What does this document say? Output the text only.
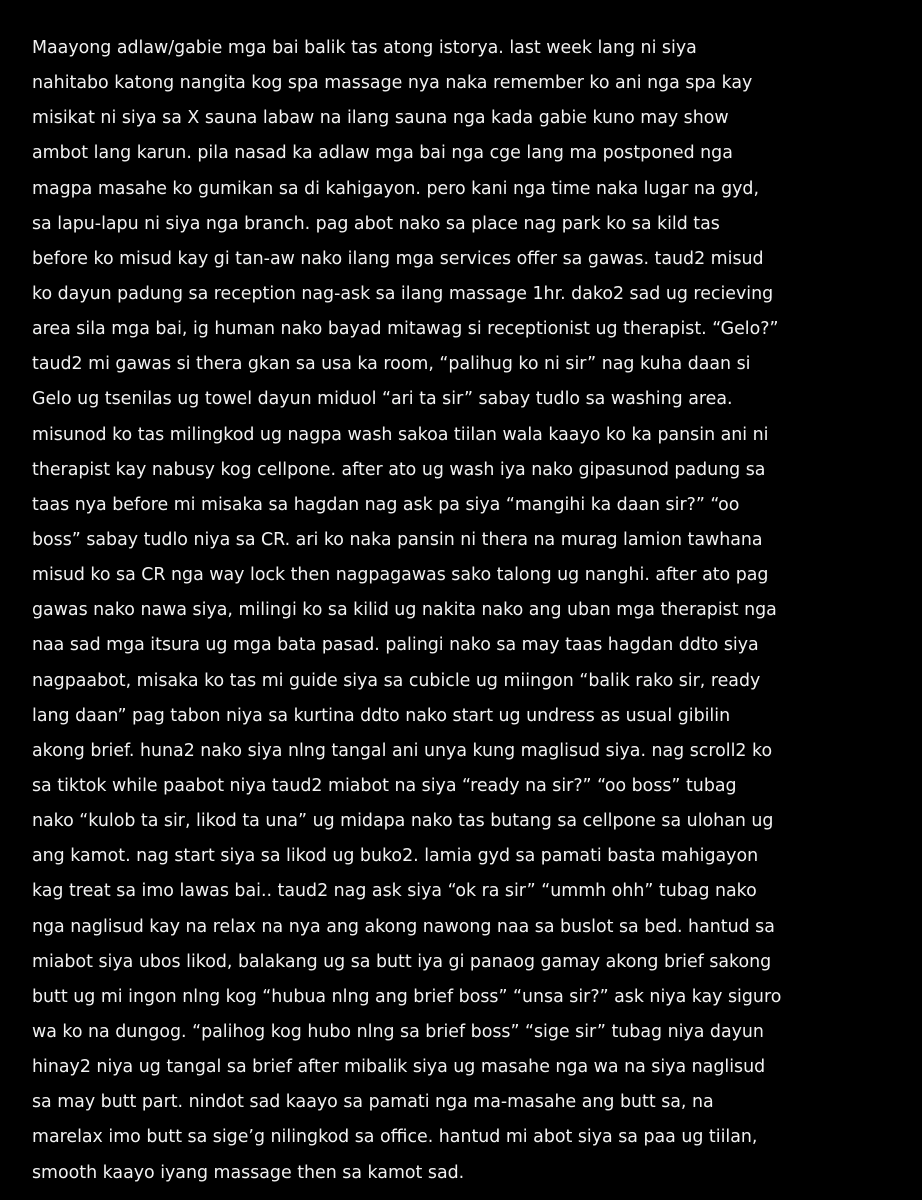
Maayong adlaw/gabie mga bai balik tas atong istorya. last week lang ni siya
nahitabo katong nangita kog spa massage nya naka remember ko ani nga spa kay
misikat ni siya sa X sauna labaw na ilang sauna nga kada gabie kuno may show
ambot lang karun. pila nasad ka adlaw mga bai nga cge lang ma postponed nga
magpa masahe ko gumikan sa di kahigayon. pero kani nga time naka lugar na gyd,
sa lapu-lapu ni siya nga branch. pag abot nako sa place nag park ko sa kild tas
before ko misud kay gi tan-aw nako ilang mga services offer sa gawas. taud2 misud
ko dayun padung sa reception nag-ask sa ilang massage 1hr. dako2 sad ug recieving
area sila mga bai, ig human nako bayad mitawag si receptionist ug therapist. “Gelo?”
taud2 mi gawas si thera gkan sa usa ka room, “palihug ko ni sir” nag kuha daan si
Gelo ug tsenilas ug towel dayun miduol “ari ta sir” sabay tudlo sa washing area.
misunod ko tas milingkod ug nagpa wash sakoa tiilan wala kaayo ko ka pansin ani ni
therapist kay nabusy kog cellpone. after ato ug wash iya nako gipasunod padung sa
taas nya before mi misaka sa hagdan nag ask pa siya “mangihi ka daan sir?” “oo
boss” sabay tudlo niya sa CR. ari ko naka pansin ni thera na murag lamion tawhana
misud ko sa CR nga way lock then nagpagawas sako talong ug nanghi. after ato pag
gawas nako nawa siya, milingi ko sa kilid ug nakita nako ang uban mga therapist nga
naa sad mga itsura ug mga bata pasad. palingi nako sa may taas hagdan ddto siya
nagpaabot, misaka ko tas mi guide siya sa cubicle ug miingon “balik rako sir, ready
lang daan” pag tabon niya sa kurtina ddto nako start ug undress as usual gibilin
akong brief. huna2 nako siya nlng tangal ani unya kung maglisud siya. nag scroll2 ko
sa tiktok while paabot niya taud2 miabot na siya “ready na sir?” “oo boss” tubag
nako “kulob ta sir, likod ta una” ug midapa nako tas butang sa cellpone sa ulohan ug
ang kamot. nag start siya sa likod ug buko2. lamia gyd sa pamati basta mahigayon
kag treat sa imo lawas bai.. taud2 nag ask siya “ok ra sir” “ummh ohh” tubag nako
nga naglisud kay na relax na nya ang akong nawong naa sa buslot sa bed. hantud sa
miabot siya ubos likod, balakang ug sa butt iya gi panaog gamay akong brief sakong
butt ug mi ingon nlng kog “hubua nlng ang brief boss” “unsa sir?” ask niya kay siguro
wa ko na dungog. “palihog kog hubo nlng sa brief boss” “sige sir” tubag niya dayun
hinay2 niya ug tangal sa brief after mibalik siya ug masahe nga wa na siya naglisud
sa may butt part. nindot sad kaayo sa pamati nga ma-masahe ang butt sa, na
marelax imo butt sa sige’g nilingkod sa office. hantud mi abot siya sa paa ug tiilan,
smooth kaayo iyang massage then sa kamot sad.
